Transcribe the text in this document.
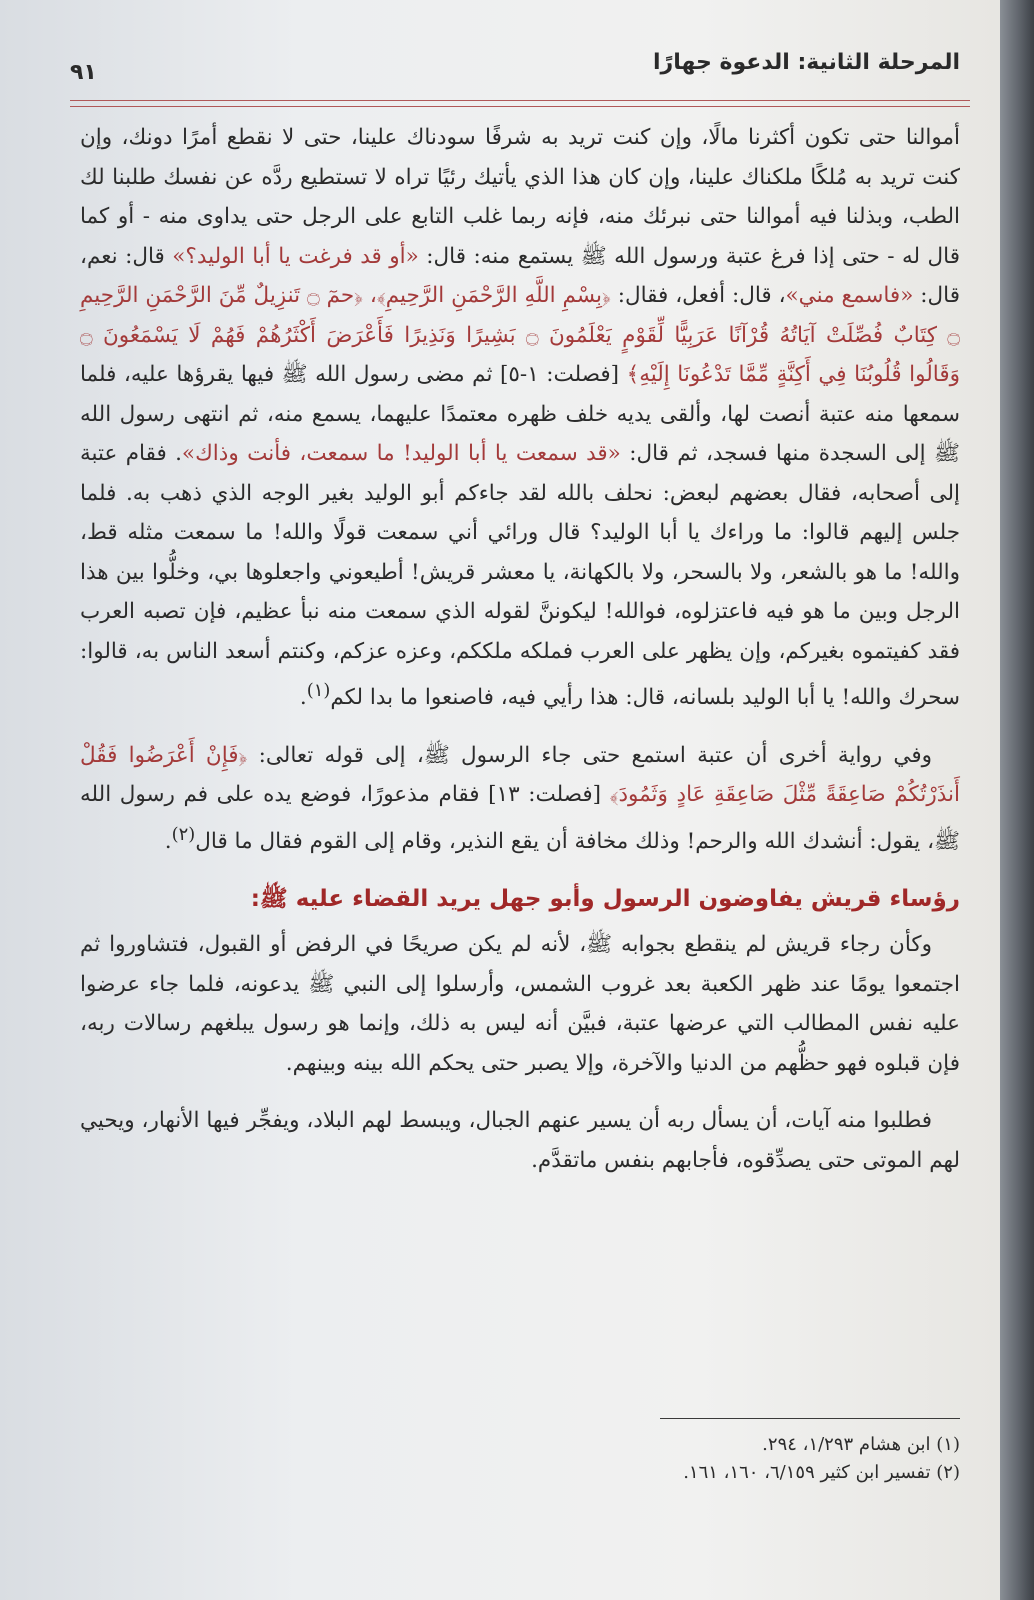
المرحلة الثانية: الدعوة جهارًا
٩١

أموالنا حتى تكون أكثرنا مالًا، وإن كنت تريد به شرفًا سودناك علينا، حتى لا نقطع أمرًا دونك، وإن كنت تريد به مُلكًا ملكناك علينا، وإن كان هذا الذي يأتيك رئيًا تراه لا تستطيع ردَّه عن نفسك طلبنا لك الطب، وبذلنا فيه أموالنا حتى نبرئك منه، فإنه ربما غلب التابع على الرجل حتى يداوى منه - أو كما قال له - حتى إذا فرغ عتبة ورسول الله ﷺ يستمع منه: قال: «أو قد فرغت يا أبا الوليد؟» قال: نعم، قال: «فاسمع مني»، قال: أفعل، فقال: ﴿بِسْمِ اللَّهِ الرَّحْمَنِ الرَّحِيمِ﴾، ﴿حمٓ ۝ تَنزِيلٌ مِّنَ الرَّحْمَنِ الرَّحِيمِ ۝ كِتَابٌ فُصِّلَتْ آيَاتُهُ قُرْآنًا عَرَبِيًّا لِّقَوْمٍ يَعْلَمُونَ ۝ بَشِيرًا وَنَذِيرًا فَأَعْرَضَ أَكْثَرُهُمْ فَهُمْ لَا يَسْمَعُونَ ۝ وَقَالُوا قُلُوبُنَا فِي أَكِنَّةٍ مِّمَّا تَدْعُونَا إِلَيْهِ﴾ [فصلت: ١-٥] ثم مضى رسول الله ﷺ فيها يقرؤها عليه، فلما سمعها منه عتبة أنصت لها، وألقى يديه خلف ظهره معتمدًا عليهما، يسمع منه، ثم انتهى رسول الله ﷺ إلى السجدة منها فسجد، ثم قال: «قد سمعت يا أبا الوليد! ما سمعت، فأنت وذاك». فقام عتبة إلى أصحابه، فقال بعضهم لبعض: نحلف بالله لقد جاءكم أبو الوليد بغير الوجه الذي ذهب به. فلما جلس إليهم قالوا: ما وراءك يا أبا الوليد؟ قال ورائي أني سمعت قولًا والله! ما سمعت مثله قط، والله! ما هو بالشعر، ولا بالسحر، ولا بالكهانة، يا معشر قريش! أطيعوني واجعلوها بي، وخلُّوا بين هذا الرجل وبين ما هو فيه فاعتزلوه، فوالله! ليكوننَّ لقوله الذي سمعت منه نبأ عظيم، فإن تصبه العرب فقد كفيتموه بغيركم، وإن يظهر على العرب فملكه ملككم، وعزه عزكم، وكنتم أسعد الناس به، قالوا: سحرك والله! يا أبا الوليد بلسانه، قال: هذا رأيي فيه، فاصنعوا ما بدا لكم$^{(١)}$.

وفي رواية أخرى أن عتبة استمع حتى جاء الرسول ﷺ، إلى قوله تعالى: ﴿فَإِنْ أَعْرَضُوا فَقُلْ أَنذَرْتُكُمْ صَاعِقَةً مِّثْلَ صَاعِقَةِ عَادٍ وَثَمُودَ﴾ [فصلت: ١٣] فقام مذعورًا، فوضع يده على فم رسول الله ﷺ، يقول: أنشدك الله والرحم! وذلك مخافة أن يقع النذير، وقام إلى القوم فقال ما قال$^{(٢)}$.

رؤساء قريش يفاوضون الرسول وأبو جهل يريد القضاء عليه ﷺ:

وكأن رجاء قريش لم ينقطع بجوابه ﷺ، لأنه لم يكن صريحًا في الرفض أو القبول، فتشاوروا ثم اجتمعوا يومًا عند ظهر الكعبة بعد غروب الشمس، وأرسلوا إلى النبي ﷺ يدعونه، فلما جاء عرضوا عليه نفس المطالب التي عرضها عتبة، فبيَّن أنه ليس به ذلك، وإنما هو رسول يبلغهم رسالات ربه، فإن قبلوه فهو حظُّهم من الدنيا والآخرة، وإلا يصبر حتى يحكم الله بينه وبينهم.

فطلبوا منه آيات، أن يسأل ربه أن يسير عنهم الجبال، ويبسط لهم البلاد، ويفجِّر فيها الأنهار، ويحيي لهم الموتى حتى يصدِّقوه، فأجابهم بنفس ماتقدَّم.

(١) ابن هشام ١/٢٩٣، ٢٩٤.
(٢) تفسير ابن كثير ٦/١٥٩، ١٦٠، ١٦١.
